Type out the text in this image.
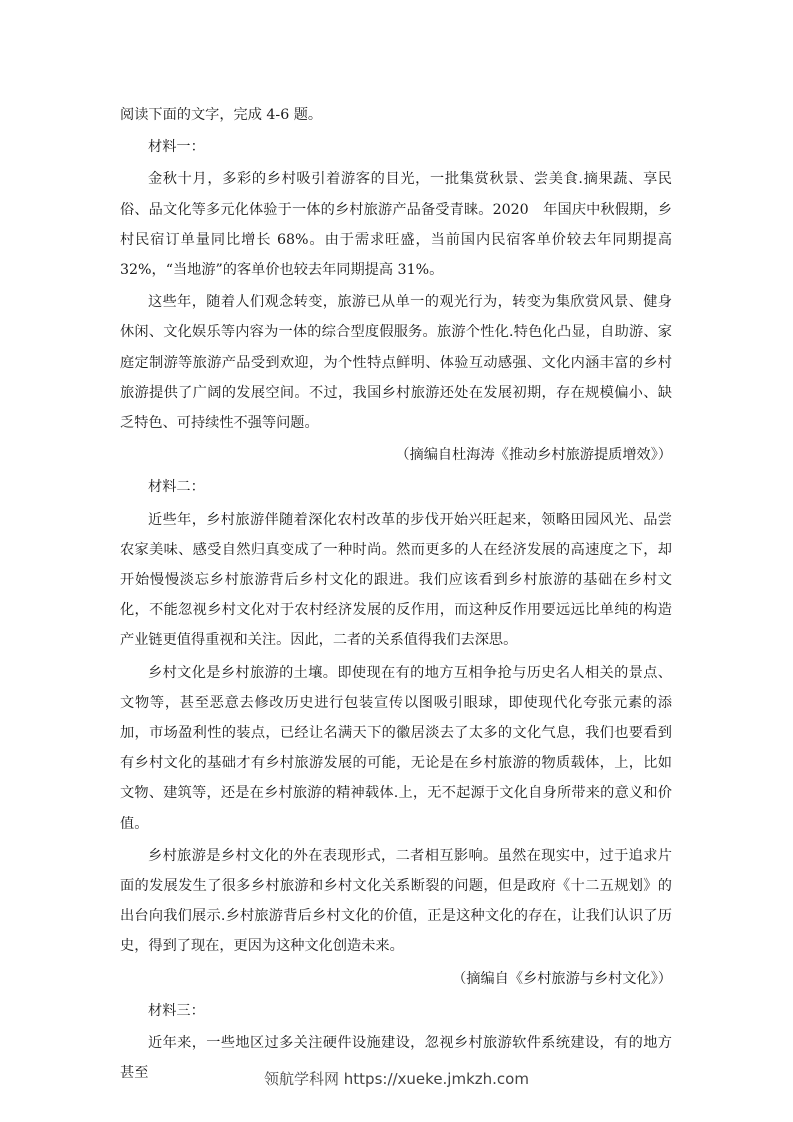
阅读下面的文字，完成 4-6 题。

材料一：

金秋十月，多彩的乡村吸引着游客的目光，一批集赏秋景、尝美食.摘果蔬、享民俗、品文化等多元化体验于一体的乡村旅游产品备受青睐。2020　年国庆中秋假期，乡村民宿订单量同比增长 68%。由于需求旺盛，当前国内民宿客单价较去年同期提高 32%，“当地游”的客单价也较去年同期提高 31%。

这些年，随着人们观念转变，旅游已从单一的观光行为，转变为集欣赏风景、健身休闲、文化娱乐等内容为一体的综合型度假服务。旅游个性化.特色化凸显，自助游、家庭定制游等旅游产品受到欢迎，为个性特点鲜明、体验互动感强、文化内涵丰富的乡村旅游提供了广阔的发展空间。不过，我国乡村旅游还处在发展初期，存在规模偏小、缺乏特色、可持续性不强等问题。

（摘编自杜海涛《推动乡村旅游提质增效》）

材料二：

近些年，乡村旅游伴随着深化农村改革的步伐开始兴旺起来，领略田园风光、品尝农家美味、感受自然归真变成了一种时尚。然而更多的人在经济发展的高速度之下，却开始慢慢淡忘乡村旅游背后乡村文化的跟进。我们应该看到乡村旅游的基础在乡村文化，不能忽视乡村文化对于农村经济发展的反作用，而这种反作用要远远比单纯的构造产业链更值得重视和关注。因此，二者的关系值得我们去深思。

乡村文化是乡村旅游的土壤。即使现在有的地方互相争抢与历史名人相关的景点、文物等，甚至恶意去修改历史进行包装宣传以图吸引眼球，即使现代化夸张元素的添加，市场盈利性的装点，已经让名满天下的徽居淡去了太多的文化气息，我们也要看到有乡村文化的基础才有乡村旅游发展的可能，无论是在乡村旅游的物质载体，上，比如文物、建筑等，还是在乡村旅游的精神载体.上，无不起源于文化自身所带来的意义和价值。

乡村旅游是乡村文化的外在表现形式，二者相互影响。虽然在现实中，过于追求片面的发展发生了很多乡村旅游和乡村文化关系断裂的问题，但是政府《十二五规划》的出台向我们展示.乡村旅游背后乡村文化的价值，正是这种文化的存在，让我们认识了历史，得到了现在，更因为这种文化创造未来。

（摘编自《乡村旅游与乡村文化》）

材料三：

近年来，一些地区过多关注硬件设施建设，忽视乡村旅游软件系统建设，有的地方甚至	领航学科网 https://xueke.jmkzh.com
